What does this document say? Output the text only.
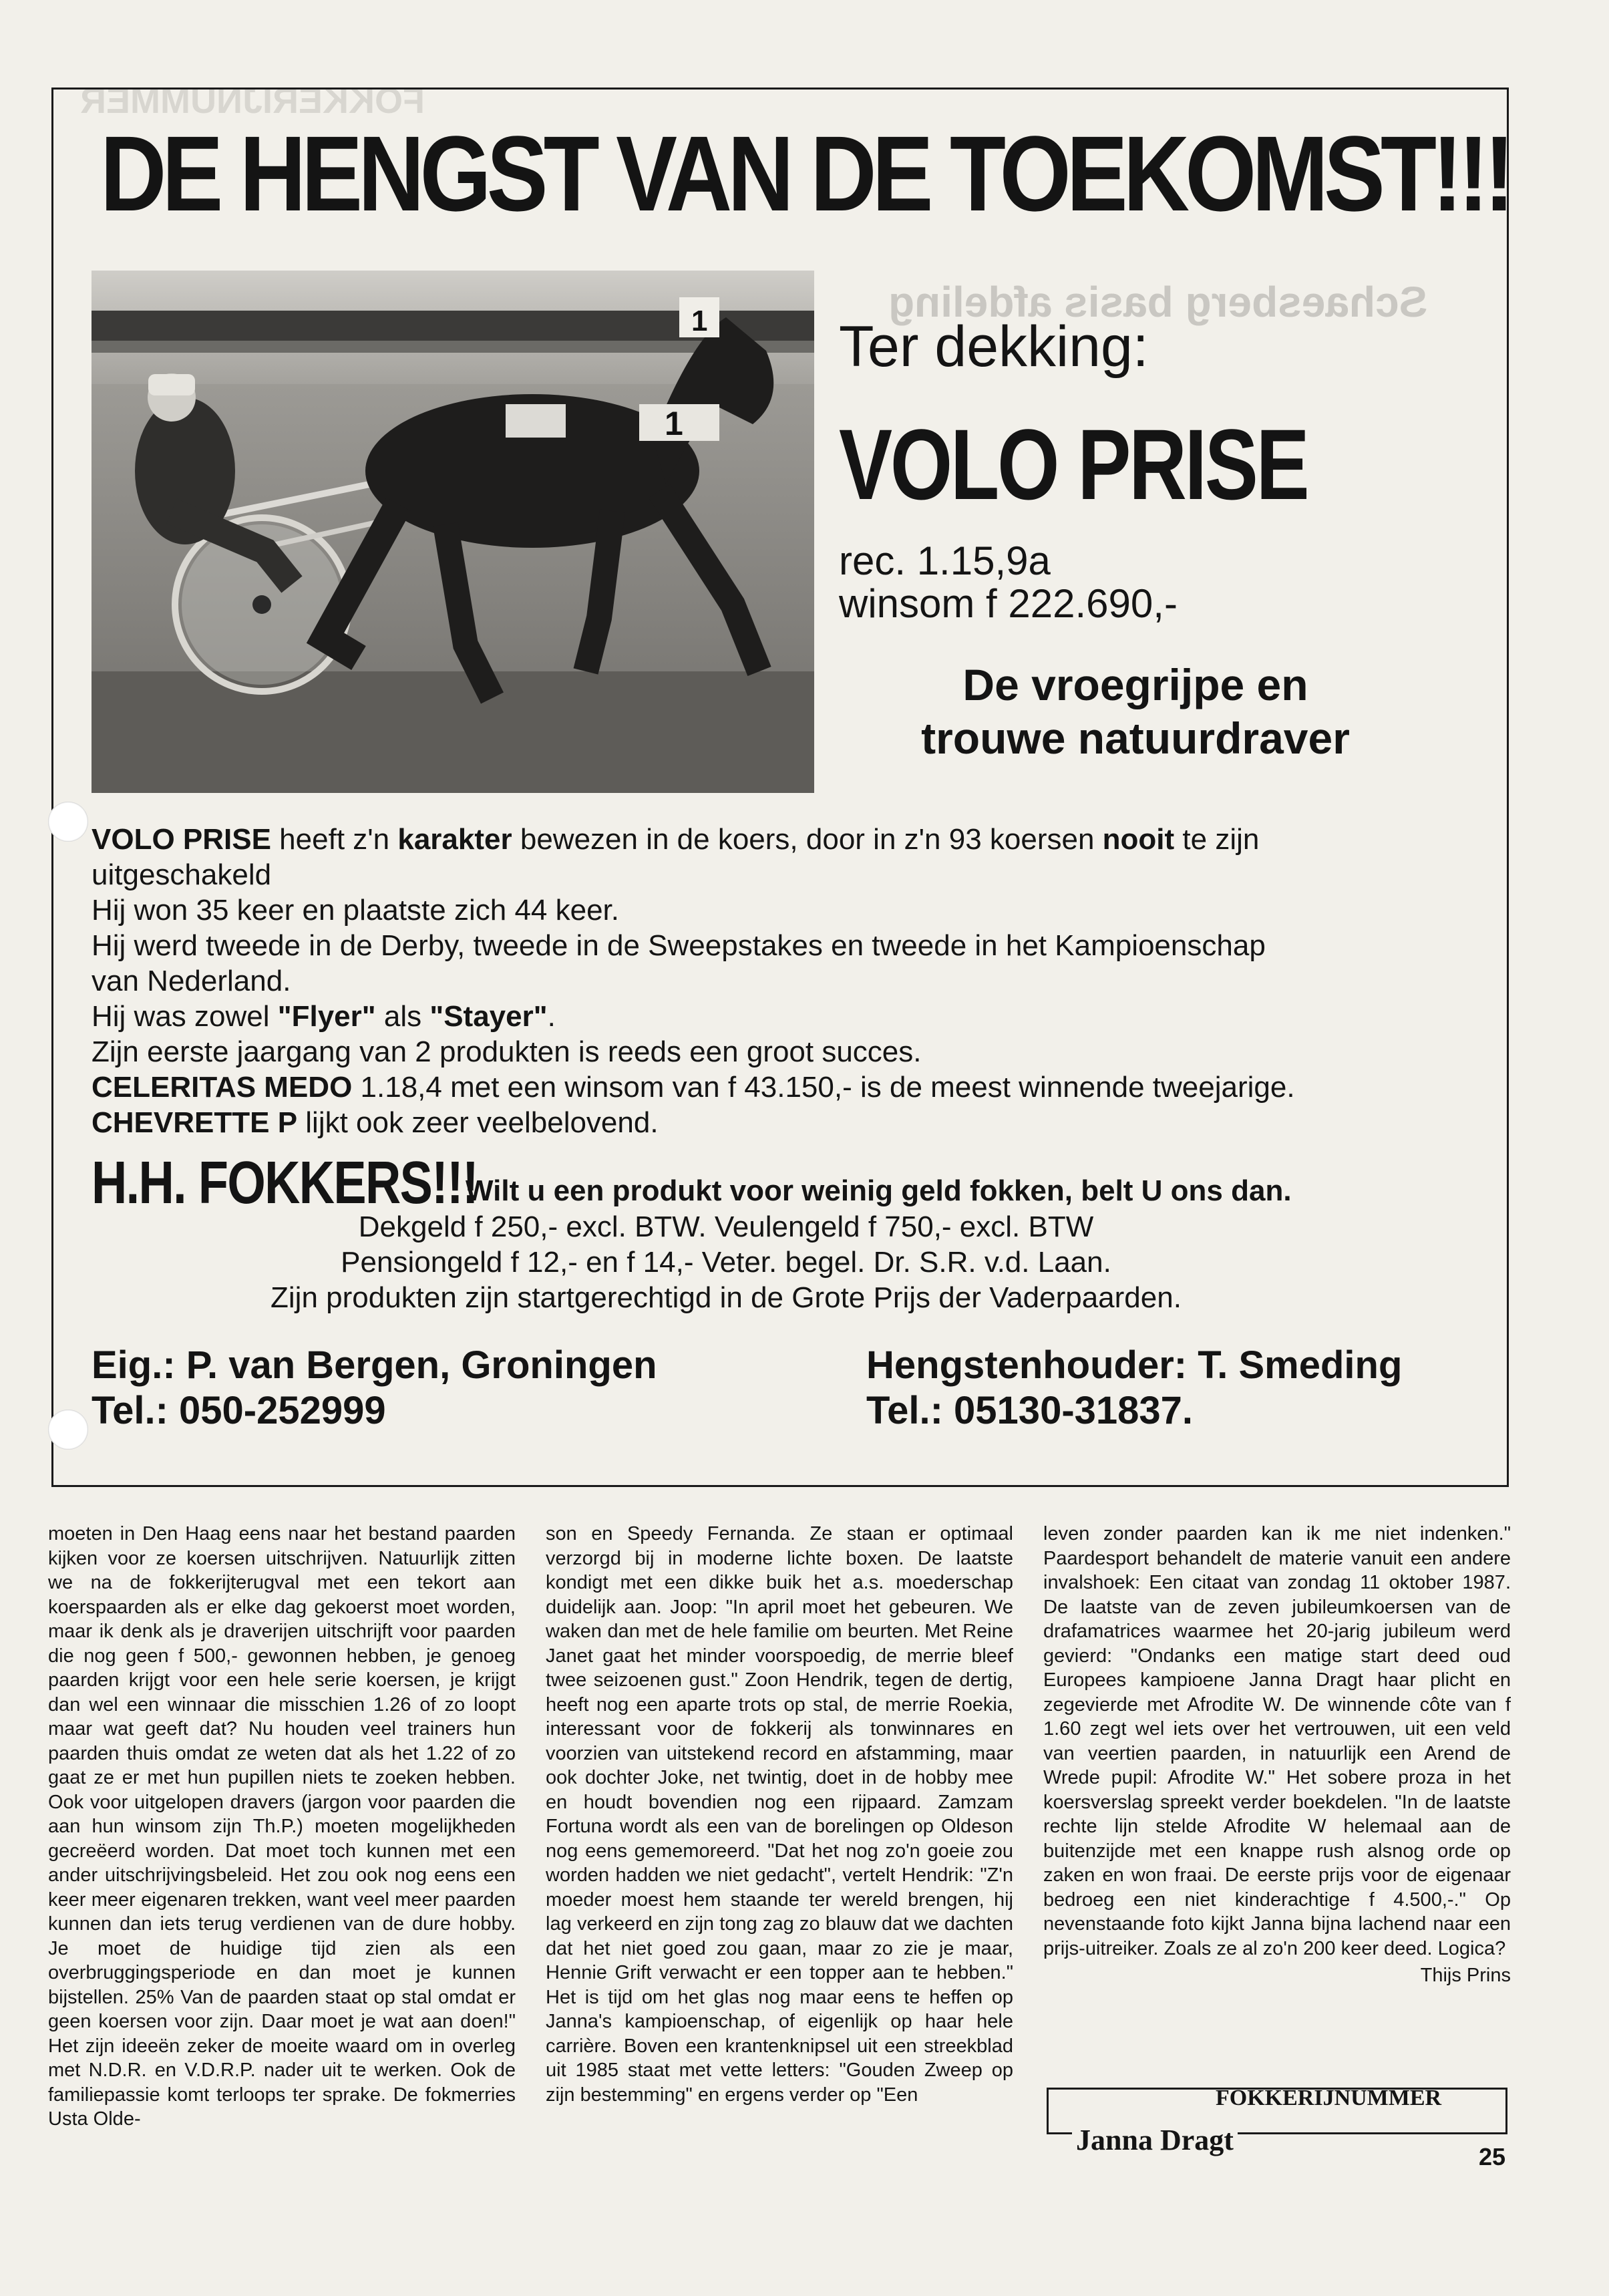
Schaesberg basis afdeling
FOKKERIJNUMMER
DE HENGST VAN DE TOEKOMST!!!
1
1 Ter dekking:
VOLO PRISE
rec. 1.15,9a
winsom f 222.690,-
De vroegrijpe en
trouwe natuurdraver

VOLO PRISE heeft z'n karakter bewezen in de koers, door in z'n 93 koersen nooit te zijn

uitgeschakeld

Hij won 35 keer en plaatste zich 44 keer.

Hij werd tweede in de Derby, tweede in de Sweepstakes en tweede in het Kampioenschap

van Nederland.

Hij was zowel "Flyer" als "Stayer".

Zijn eerste jaargang van 2 produkten is reeds een groot succes.

CELERITAS MEDO 1.18,4 met een winsom van f 43.150,- is de meest winnende tweejarige.

CHEVRETTE P lijkt ook zeer veelbelovend.

H.H. FOKKERS!!!Wilt u een produkt voor weinig geld fokken, belt U ons dan.
Dekgeld f 250,- excl. BTW. Veulengeld f 750,- excl. BTW
Pensiongeld f 12,- en f 14,- Veter. begel. Dr. S.R. v.d. Laan.
Zijn produkten zijn startgerechtigd in de Grote Prijs der Vaderpaarden.
Eig.: P. van Bergen, Groningen
Tel.: 050-252999
Hengstenhouder: T. Smeding
Tel.: 05130-31837.

moeten in Den Haag eens naar het bestand paarden kijken voor ze koersen uitschrijven. Natuurlijk zitten we na de fokkerijterugval met een tekort aan koerspaarden als er elke dag gekoerst moet worden, maar ik denk als je draverijen uitschrijft voor paarden die nog geen f 500,- gewonnen hebben, je genoeg paarden krijgt voor een hele serie koersen, je krijgt dan wel een winnaar die misschien 1.26 of zo loopt maar wat geeft dat? Nu houden veel trainers hun paarden thuis omdat ze weten dat als het 1.22 of zo gaat ze er met hun pupillen niets te zoeken hebben. Ook voor uitgelopen dravers (jargon voor paarden die aan hun winsom zijn Th.P.) moeten mogelijkheden gecreëerd worden. Dat moet toch kunnen met een ander uitschrijvingsbeleid. Het zou ook nog eens een keer meer eigenaren trekken, want veel meer paarden kunnen dan iets terug verdienen van de dure hobby. Je moet de huidige tijd zien als een overbruggingsperiode en dan moet je kunnen bijstellen. 25% Van de paarden staat op stal omdat er geen koersen voor zijn. Daar moet je wat aan doen!" Het zijn ideeën zeker de moeite waard om in overleg met N.D.R. en V.D.R.P. nader uit te werken. Ook de familiepassie komt terloops ter sprake. De fokmerries Usta Olde-

son en Speedy Fernanda. Ze staan er optimaal verzorgd bij in moderne lichte boxen. De laatste kondigt met een dikke buik het a.s. moederschap duidelijk aan. Joop: "In april moet het gebeuren. We waken dan met de hele familie om beurten. Met Reine Janet gaat het minder voorspoedig, de merrie bleef twee seizoenen gust." Zoon Hendrik, tegen de dertig, heeft nog een aparte trots op stal, de merrie Roekia, interessant voor de fokkerij als tonwinnares en voorzien van uitstekend record en afstamming, maar ook dochter Joke, net twintig, doet in de hobby mee en houdt bovendien nog een rijpaard. Zamzam Fortuna wordt als een van de borelingen op Oldeson nog eens gememoreerd. "Dat het nog zo'n goeie zou worden hadden we niet gedacht", vertelt Hendrik: "Z'n moeder moest hem staande ter wereld brengen, hij lag verkeerd en zijn tong zag zo blauw dat we dachten dat het niet goed zou gaan, maar zo zie je maar, Hennie Grift verwacht er een topper aan te hebben." Het is tijd om het glas nog maar eens te heffen op Janna's kampioenschap, of eigenlijk op haar hele carrière. Boven een krantenknipsel uit een streekblad uit 1985 staat met vette letters: "Gouden Zweep op zijn bestemming" en ergens verder op "Een

leven zonder paarden kan ik me niet indenken." Paardesport behandelt de materie vanuit een andere invalshoek: Een citaat van zondag 11 oktober 1987. De laatste van de zeven jubileumkoersen van de drafamatrices waarmee het 20-jarig jubileum werd gevierd: "Ondanks een matige start deed oud Europees kampioene Janna Dragt haar plicht en zegevierde met Afrodite W. De winnende côte van f 1.60 zegt wel iets over het vertrouwen, uit een veld van veertien paarden, in natuurlijk een Arend de Wrede pupil: Afrodite W." Het sobere proza in het koersverslag spreekt verder boekdelen. "In de laatste rechte lijn stelde Afrodite W helemaal aan de buitenzijde met een knappe rush alsnog orde op zaken en won fraai. De eerste prijs voor de eigenaar bedroeg een niet kinderachtige f 4.500,-." Op nevenstaande foto kijkt Janna bijna lachend naar een prijs-uitreiker. Zoals ze al zo'n 200 keer deed. Logica?

Thijs Prins
FOKKERIJNUMMER
Janna Dragt
25
